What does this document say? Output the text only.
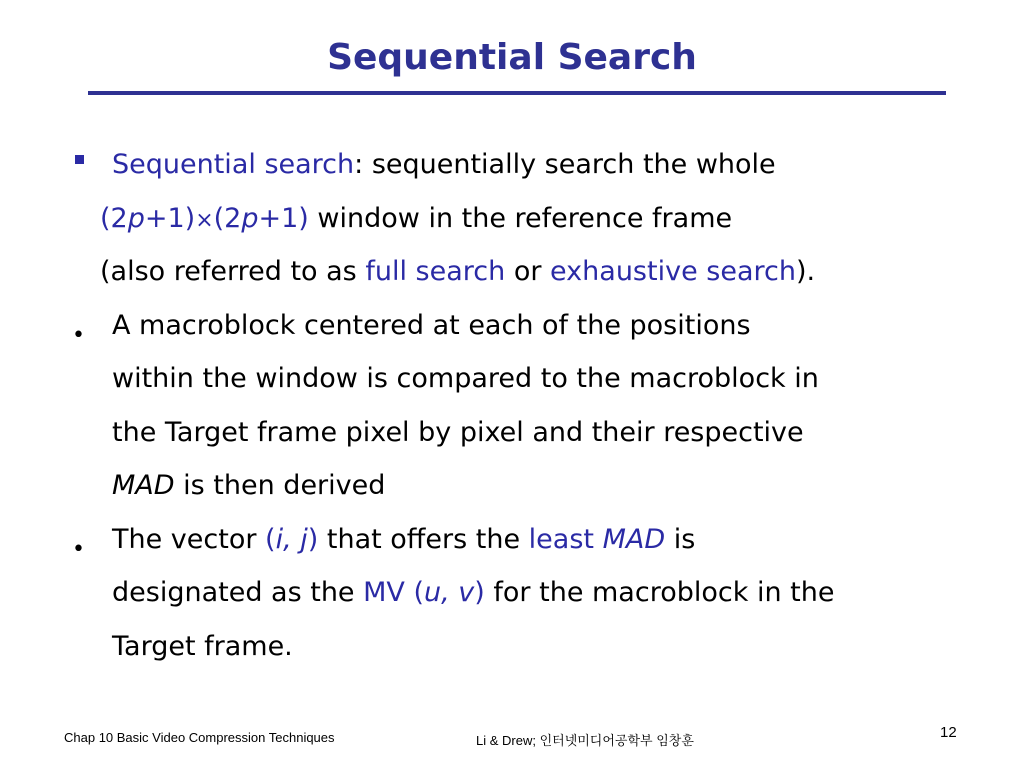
Sequential Search
Sequential search: sequentially search the whole
(2p+1)×(2p+1) window in the reference frame
(also referred to as full search or exhaustive search).
• A macroblock centered at each of the positions
within the window is compared to the macroblock in
the Target frame pixel by pixel and their respective
MAD is then derived
• The vector (i, j) that offers the least MAD is
designated as the MV (u, v) for the macroblock in the
Target frame.
Chap 10 Basic Video Compression Techniques	Li & Drew; 인터넷미디어공학부 임창훈	12
